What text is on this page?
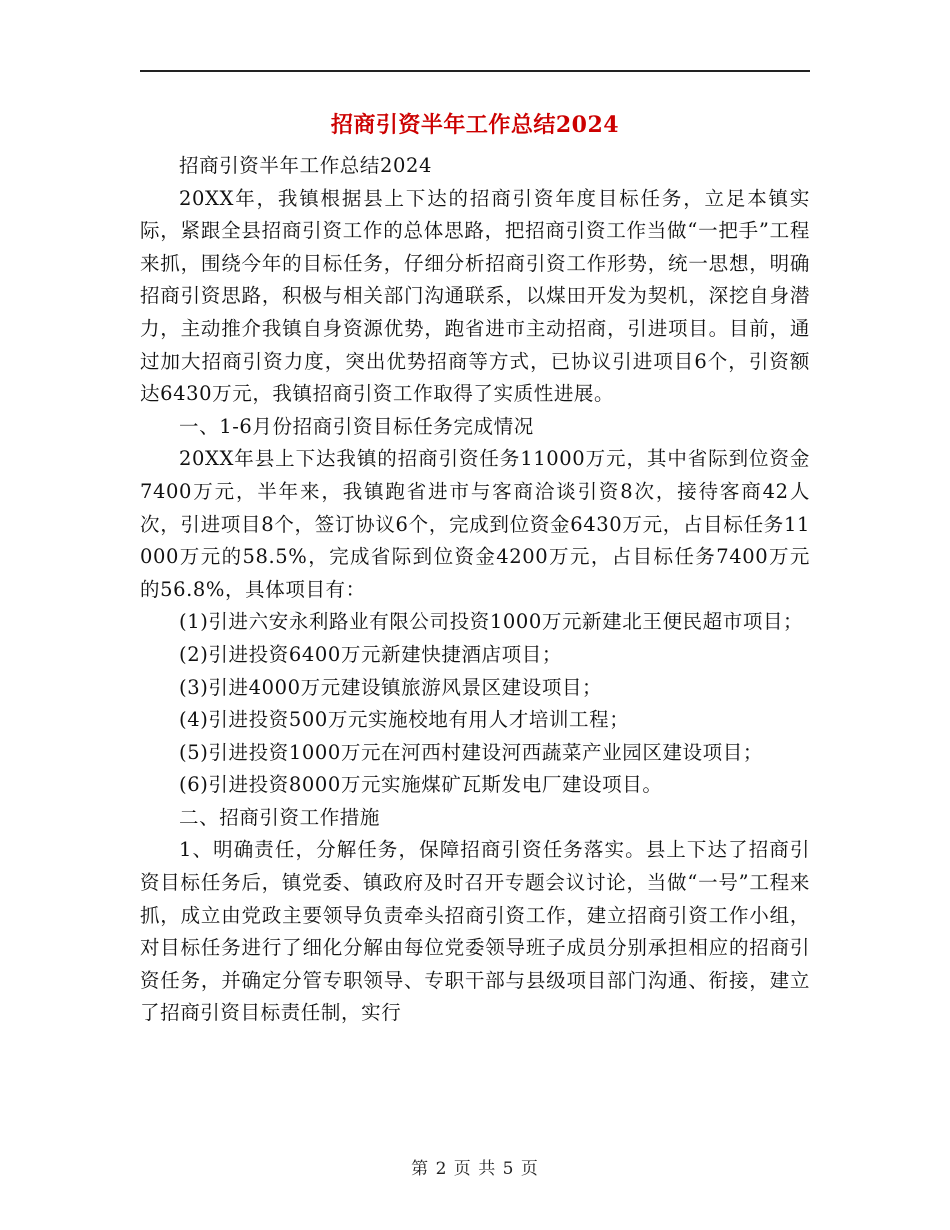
招商引资半年工作总结2024

招商引资半年工作总结2024

20XX年，我镇根据县上下达的招商引资年度目标任务，立足本镇实际，紧跟全县招商引资工作的总体思路，把招商引资工作当做“一把手”工程来抓，围绕今年的目标任务，仔细分析招商引资工作形势，统一思想，明确招商引资思路，积极与相关部门沟通联系，以煤田开发为契机，深挖自身潜力，主动推介我镇自身资源优势，跑省进市主动招商，引进项目。目前，通过加大招商引资力度，突出优势招商等方式，已协议引进项目6个，引资额达6430万元，我镇招商引资工作取得了实质性进展。

一、1-6月份招商引资目标任务完成情况

20XX年县上下达我镇的招商引资任务11000万元，其中省际到位资金7400万元，半年来，我镇跑省进市与客商洽谈引资8次，接待客商42人次，引进项目8个，签订协议6个，完成到位资金6430万元，占目标任务11000万元的58.5%，完成省际到位资金4200万元，占目标任务7400万元的56.8%，具体项目有：

(1)引进六安永利路业有限公司投资1000万元新建北王便民超市项目；

(2)引进投资6400万元新建快捷酒店项目；

(3)引进4000万元建设镇旅游风景区建设项目；

(4)引进投资500万元实施校地有用人才培训工程；

(5)引进投资1000万元在河西村建设河西蔬菜产业园区建设项目；

(6)引进投资8000万元实施煤矿瓦斯发电厂建设项目。

二、招商引资工作措施

1、明确责任，分解任务，保障招商引资任务落实。县上下达了招商引资目标任务后，镇党委、镇政府及时召开专题会议讨论，当做“一号”工程来抓，成立由党政主要领导负责牵头招商引资工作，建立招商引资工作小组，对目标任务进行了细化分解由每位党委领导班子成员分别承担相应的招商引资任务，并确定分管专职领导、专职干部与县级项目部门沟通、衔接，建立了招商引资目标责任制，实行

第 2 页 共 5 页
